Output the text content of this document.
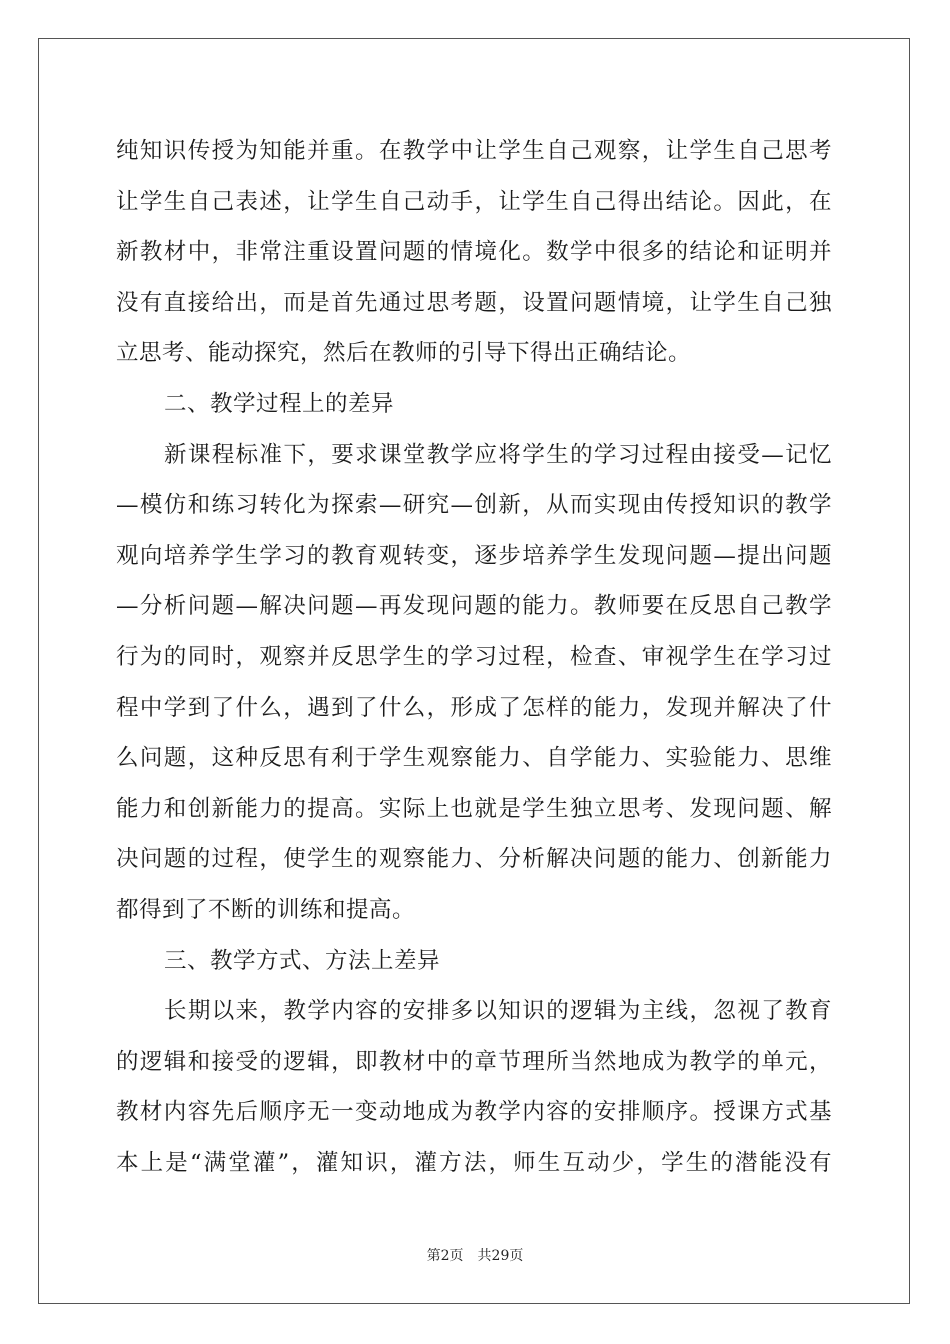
纯知识传授为知能并重。在教学中让学生自己观察，让学生自己思考
让学生自己表述，让学生自己动手，让学生自己得出结论。因此，在
新教材中，非常注重设置问题的情境化。数学中很多的结论和证明并
没有直接给出，而是首先通过思考题，设置问题情境，让学生自己独
立思考、能动探究，然后在教师的引导下得出正确结论。
二、教学过程上的差异
新课程标准下，要求课堂教学应将学生的学习过程由接受—记忆
—模仿和练习转化为探索—研究—创新，从而实现由传授知识的教学
观向培养学生学习的教育观转变，逐步培养学生发现问题—提出问题
—分析问题—解决问题—再发现问题的能力。教师要在反思自己教学
行为的同时，观察并反思学生的学习过程，检查、审视学生在学习过
程中学到了什么，遇到了什么，形成了怎样的能力，发现并解决了什
么问题，这种反思有利于学生观察能力、自学能力、实验能力、思维
能力和创新能力的提高。实际上也就是学生独立思考、发现问题、解
决问题的过程，使学生的观察能力、分析解决问题的能力、创新能力
都得到了不断的训练和提高。
三、教学方式、方法上差异
长期以来，教学内容的安排多以知识的逻辑为主线，忽视了教育
的逻辑和接受的逻辑，即教材中的章节理所当然地成为教学的单元，
教材内容先后顺序无一变动地成为教学内容的安排顺序。授课方式基
本上是“满堂灌”，灌知识，灌方法，师生互动少，学生的潜能没有
第2页 共29页
